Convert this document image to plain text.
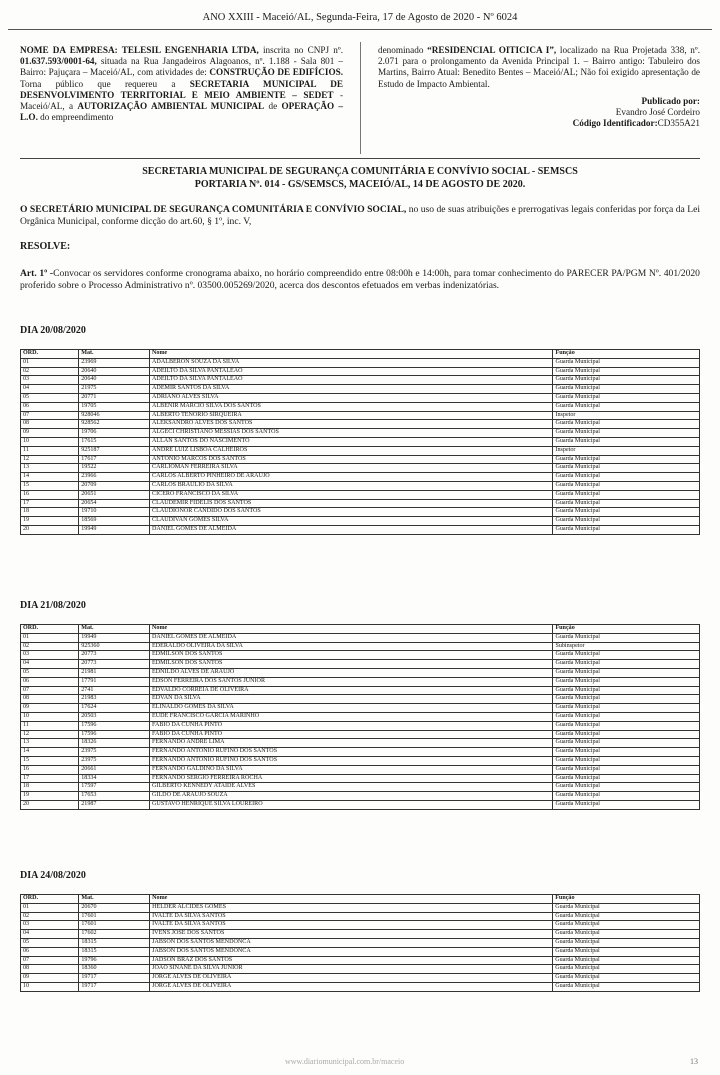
ANO XXIII - Maceió/AL, Segunda-Feira, 17 de Agosto de 2020 - Nº 6024
NOME DA EMPRESA: TELESIL ENGENHARIA LTDA, inscrita no CNPJ nº. 01.637.593/0001-64, situada na Rua Jangadeiros Alagoanos, nº. 1.188 - Sala 801 – Bairro: Pajuçara – Maceió/AL, com atividades de: CONSTRUÇÃO DE EDIFÍCIOS. Torna público que requereu a SECRETARIA MUNICIPAL DE DESENVOLVIMENTO TERRITORIAL E MEIO AMBIENTE – SEDET - Maceió/AL, a AUTORIZAÇÃO AMBIENTAL MUNICIPAL de OPERAÇÃO – L.O. do empreendimento
denominado “RESIDENCIAL OITICICA I”, localizado na Rua Projetada 338, nº. 2.071 para o prolongamento da Avenida Principal 1. – Bairro antigo: Tabuleiro dos Martins, Bairro Atual: Benedito Bentes – Maceió/AL; Não foi exigido apresentação de Estudo de Impacto Ambiental.
Publicado por:
Evandro José Cordeiro
Código Identificador:CD355A21
SECRETARIA MUNICIPAL DE SEGURANÇA COMUNITÁRIA E CONVÍVIO SOCIAL - SEMSCS
PORTARIA Nº. 014 - GS/SEMSCS, MACEIÓ/AL, 14 DE AGOSTO DE 2020.
O SECRETÁRIO MUNICIPAL DE SEGURANÇA COMUNITÁRIA E CONVÍVIO SOCIAL, no uso de suas atribuições e prerrogativas legais conferidas por força da Lei Orgânica Municipal, conforme dicção do art.60, § 1º, inc. V,
RESOLVE:
Art. 1º -Convocar os servidores conforme cronograma abaixo, no horário compreendido entre 08:00h e 14:00h, para tomar conhecimento do PARECER PA/PGM Nº. 401/2020 proferido sobre o Processo Administrativo nº. 03500.005269/2020, acerca dos descontos efetuados em verbas indenizatórias.
DIA 20/08/2020
ORD.	Mat.	Nome	Função
01	23969	ADALBERON SOUZA DA SILVA	Guarda Municipal
02	20640	ADEILTO DA SILVA PANTALEAO	Guarda Municipal
03	20640	ADEILTO DA SILVA PANTALEAO	Guarda Municipal
04	21975	ADEMIR SANTOS DA SILVA	Guarda Municipal
05	20771	ADRIANO ALVES SILVA	Guarda Municipal
06	19705	ALBENIR MARCIO SILVA DOS SANTOS	Guarda Municipal
07	928046	ALBERTO TENORIO SIRQUEIRA	Inspetor
08	928562	ALEKSANDRO ALVES DOS SANTOS	Guarda Municipal
09	19706	ALGECI CHRISTIANO MESSIAS DOS SANTOS	Guarda Municipal
10	17615	ALLAN SANTOS DO NASCIMENTO	Guarda Municipal
11	925187	ANDRE LUIZ LISBOA CALHEIROS	Inspetor
12	17617	ANTONIO MARCOS DOS SANTOS	Guarda Municipal
13	19522	CARLIOMAN FERREIRA SILVA	Guarda Municipal
14	23966	CARLOS ALBERTO PINHEIRO DE ARAUJO	Guarda Municipal
15	20709	CARLOS BRAULIO DA SILVA	Guarda Municipal
16	20651	CICERO FRANCISCO DA SILVA	Guarda Municipal
17	20654	CLAUDEMIR FIDELIS DOS SANTOS	Guarda Municipal
18	19710	CLAUDIONOR CANDIDO DOS SANTOS	Guarda Municipal
19	18569	CLAUDIVAN GOMES SILVA	Guarda Municipal
20	19949	DANIEL GOMES DE ALMEIDA	Guarda Municipal
DIA 21/08/2020
ORD.	Mat.	Nome	Função
01	19949	DANIEL GOMES DE ALMEIDA	Guarda Municipal
02	925360	EDERALDO OLIVEIRA DA SILVA	Subinspetor
03	20773	EDMILSON DOS SANTOS	Guarda Municipal
04	20773	EDMILSON DOS SANTOS	Guarda Municipal
05	21981	EDNILDO ALVES DE ARAUJO	Guarda Municipal
06	17791	EDSON FERREIRA DOS SANTOS JUNIOR	Guarda Municipal
07	2741	EDVALDO CORREIA DE OLIVEIRA	Guarda Municipal
08	21983	EDVAN DA SILVA	Guarda Municipal
09	17624	ELINALDO GOMES DA SILVA	Guarda Municipal
10	20503	EUDE FRANCISCO GARCIA MARINHO	Guarda Municipal
11	17596	FABIO DA CUNHA PINTO	Guarda Municipal
12	17596	FABIO DA CUNHA PINTO	Guarda Municipal
13	18326	FERNANDO ANDRE LIMA	Guarda Municipal
14	23975	FERNANDO ANTONIO RUFINO DOS SANTOS	Guarda Municipal
15	23975	FERNANDO ANTONIO RUFINO DOS SANTOS	Guarda Municipal
16	20661	FERNANDO GALDINO DA SILVA	Guarda Municipal
17	18334	FERNANDO SERGIO FERREIRA ROCHA	Guarda Municipal
18	17597	GILBERTO KENNEDY ATAIDE ALVES	Guarda Municipal
19	17653	GILDO DE ARAUJO SOUZA	Guarda Municipal
20	21987	GUSTAVO HENRIQUE SILVA LOUREIRO	Guarda Municipal
DIA 24/08/2020
ORD.	Mat.	Nome	Função
01	20670	HELDER ALCIDES GOMES	Guarda Municipal
02	17601	IVALTE DA SILVA SANTOS	Guarda Municipal
03	17601	IVALTE DA SILVA SANTOS	Guarda Municipal
04	17602	IVENS JOSE DOS SANTOS	Guarda Municipal
05	18315	JABSON DOS SANTOS MENDONCA	Guarda Municipal
06	18315	JABSON DOS SANTOS MENDONCA	Guarda Municipal
07	19796	JADSON BRAZ DOS SANTOS	Guarda Municipal
08	18360	JOAO SINANE DA SILVA JUNIOR	Guarda Municipal
09	19717	JORGE ALVES DE OLIVEIRA	Guarda Municipal
10	19717	JORGE ALVES DE OLIVEIRA	Guarda Municipal
www.diariomunicipal.com.br/maceio	13
